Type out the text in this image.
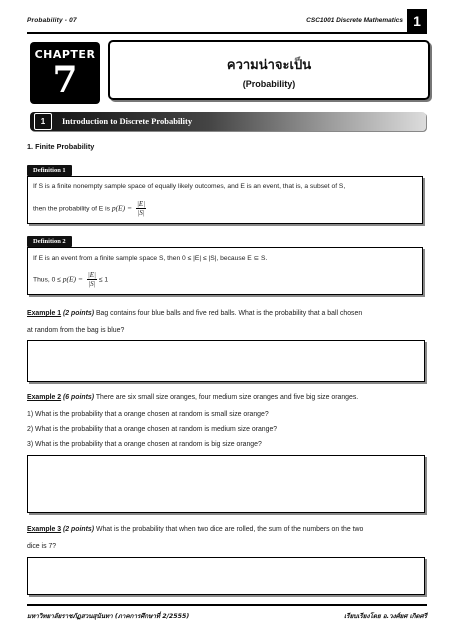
Probability - 07	CSC1001 Discrete Mathematics 1
CHAPTER
7	ความน่าจะเป็น
(Probability)
1	Introduction to Discrete Probability
1. Finite Probability
Definition 1
If S is a finite nonempty sample space of equally likely outcomes, and E is an event, that is, a subset of S,
then the probability of E is $p(E) = \frac{|E|}{|S|}$
Definition 2
If E is an event from a finite sample space S, then 0 ≤ |E| ≤ |S|, because E ⊆ S.
Thus, $0 \le p(E) = \frac{|E|}{|S|} \le 1$
Example 1 (2 points) Bag contains four blue balls and five red balls. What is the probability that a ball chosen
at random from the bag is blue?
Example 2 (6 points) There are six small size oranges, four medium size oranges and five big size oranges.
1) What is the probability that a orange chosen at random is small size orange?
2) What is the probability that a orange chosen at random is medium size orange?
3) What is the probability that a orange chosen at random is big size orange?
Example 3 (2 points) What is the probability that when two dice are rolled, the sum of the numbers on the two
dice is 7?
มหาวิทยาลัยราชภัฏสวนสุนันทา (ภาคการศึกษาที่ 2/2555)	เรียบเรียงโดย อ.วงศ์ยศ เกิดศรี
